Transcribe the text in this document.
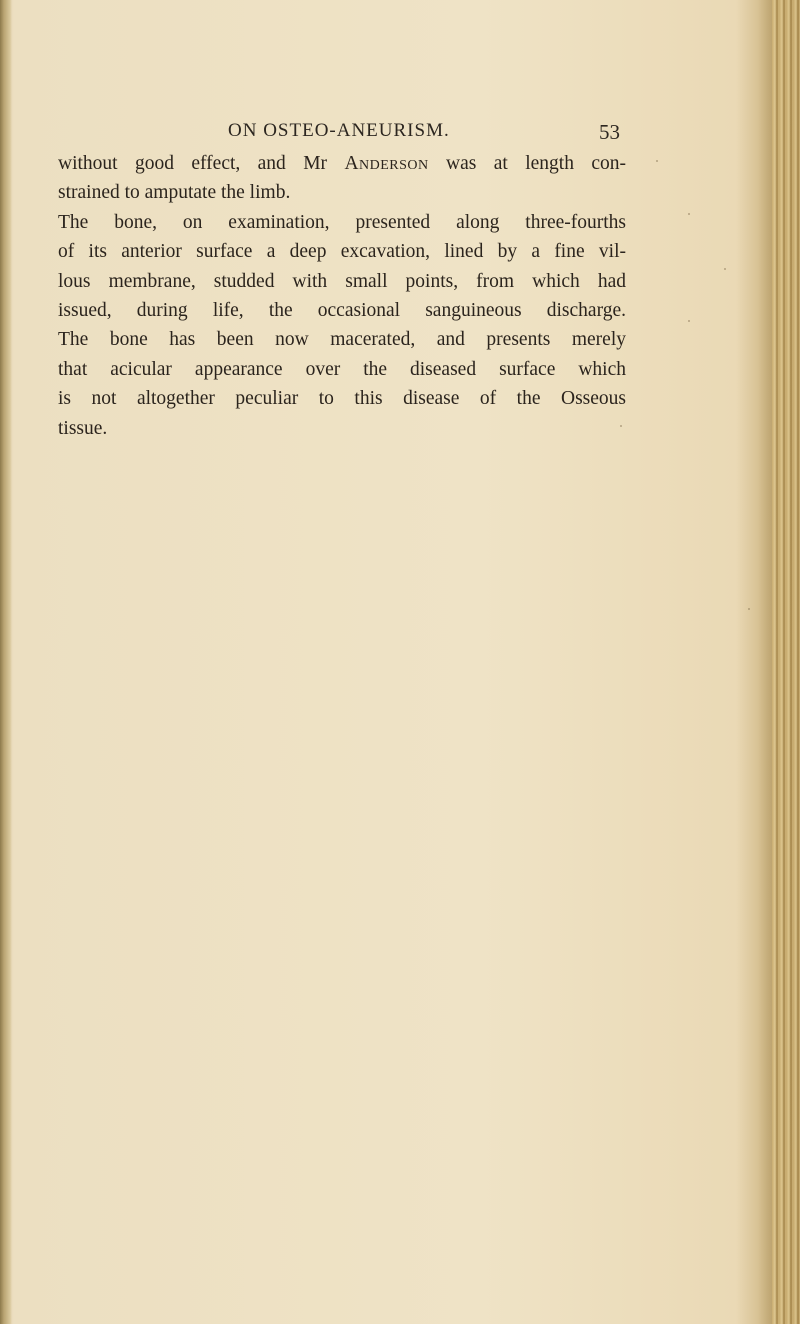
ON OSTEO-ANEURISM.	53
without good effect, and Mr Anderson was at length con-
strained to amputate the limb.
The bone, on examination, presented along three-fourths
of its anterior surface a deep excavation, lined by a fine vil-
lous membrane, studded with small points, from which had
issued, during life, the occasional sanguineous discharge.
The bone has been now macerated, and presents merely
that acicular appearance over the diseased surface which
is not altogether peculiar to this disease of the Osseous
tissue.
